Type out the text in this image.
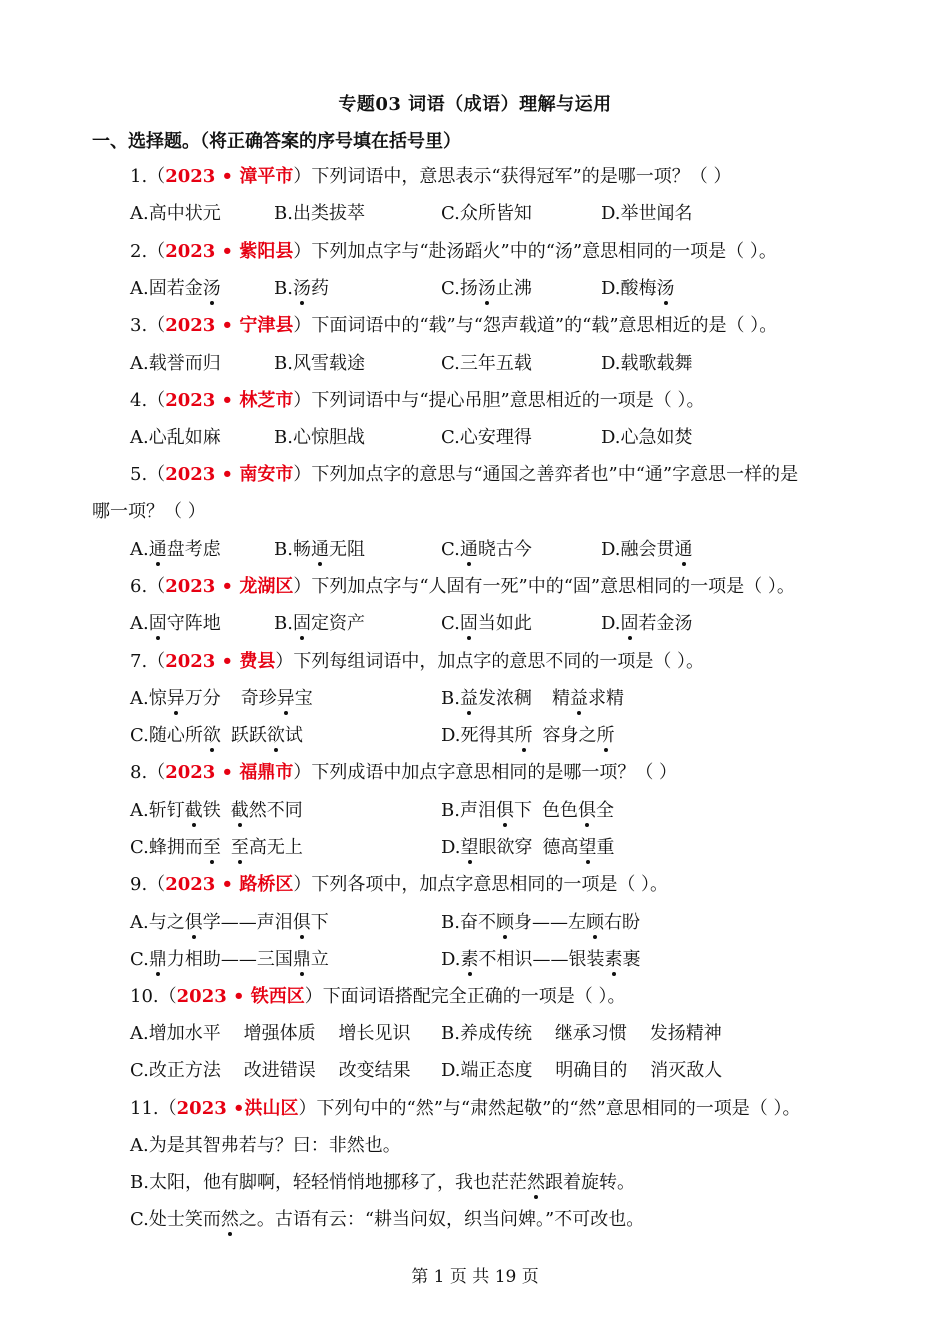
专题03 词语（成语）理解与运用
一、选择题。（将正确答案的序号填在括号里）
1.（2023 • 漳平市）下列词语中，意思表示“获得冠军”的是哪一项？（ ）
A.高中状元	B.出类拔萃	C.众所皆知	D.举世闻名
2.（2023 • 紫阳县）下列加点字与“赴汤蹈火”中的“汤”意思相同的一项是（ ）。
A.固若金汤	B.汤药	C.扬汤止沸	D.酸梅汤
3.（2023 • 宁津县）下面词语中的“载”与“怨声载道”的“载”意思相近的是（ ）。
A.载誉而归	B.风雪载途	C.三年五载	D.载歌载舞
4.（2023 • 林芝市）下列词语中与“提心吊胆”意思相近的一项是（ ）。
A.心乱如麻	B.心惊胆战	C.心安理得	D.心急如焚
5.（2023 • 南安市）下列加点字的意思与“通国之善弈者也”中“通”字意思一样的是
哪一项？（ ）
A.通盘考虑	B.畅通无阻	C.通晓古今	D.融会贯通
6.（2023 • 龙湖区）下列加点字与“人固有一死”中的“固”意思相同的一项是（ ）。
A.固守阵地	B.固定资产	C.固当如此	D.固若金汤
7.（2023 • 费县）下列每组词语中，加点字的意思不同的一项是（ ）。
A.惊异万分 奇珍异宝	B.益发浓稠 精益求精
C.随心所欲 跃跃欲试	D.死得其所 容身之所
8.（2023 • 福鼎市）下列成语中加点字意思相同的是哪一项？（ ）
A.斩钉截铁 截然不同	B.声泪俱下 色色俱全
C.蜂拥而至 至高无上	D.望眼欲穿 德高望重
9.（2023 • 路桥区）下列各项中，加点字意思相同的一项是（ ）。
A.与之俱学——声泪俱下	B.奋不顾身——左顾右盼
C.鼎力相助——三国鼎立	D.素不相识——银装素裹
10.（2023 • 铁西区）下面词语搭配完全正确的一项是（ ）。
A.增加水平    增强体质    增长见识 B.养成传统    继承习惯    发扬精神
C.改正方法    改进错误    改变结果 D.端正态度    明确目的    消灭敌人
11.（2023 •洪山区）下列句中的“然”与“肃然起敬”的“然”意思相同的一项是（ ）。
A.为是其智弗若与？曰：非然也。
B.太阳，他有脚啊，轻轻悄悄地挪移了，我也茫茫然跟着旋转。
C.处士笑而然之。古语有云：“耕当问奴，织当问婢。”不可改也。
第 1 页 共 19 页
